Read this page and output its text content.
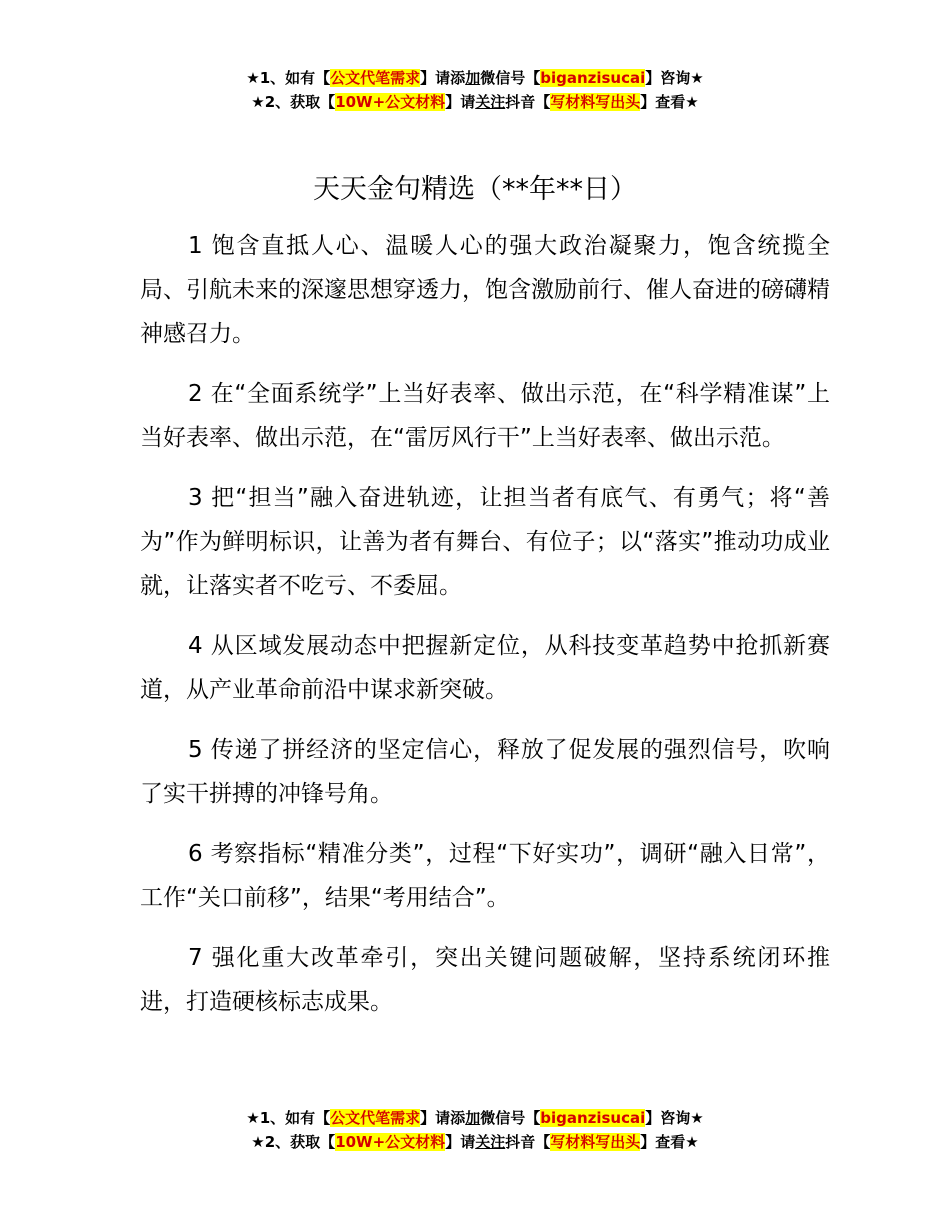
★1、如有【公文代笔需求】请添加微信号【biganzisucai】咨询★
★2、获取【10W+公文材料】请关注抖音【写材料写出头】查看★
天天金句精选（**年**日）

1 饱含直抵人心、温暖人心的强大政治凝聚力，饱含统揽全局、引航未来的深邃思想穿透力，饱含激励前行、催人奋进的磅礴精神感召力。

2 在“全面系统学”上当好表率、做出示范，在“科学精准谋”上当好表率、做出示范，在“雷厉风行干”上当好表率、做出示范。

3 把“担当”融入奋进轨迹，让担当者有底气、有勇气；将“善为”作为鲜明标识，让善为者有舞台、有位子；以“落实”推动功成业就，让落实者不吃亏、不委屈。

4 从区域发展动态中把握新定位，从科技变革趋势中抢抓新赛道，从产业革命前沿中谋求新突破。

5 传递了拼经济的坚定信心，释放了促发展的强烈信号，吹响了实干拼搏的冲锋号角。

6 考察指标“精准分类”，过程“下好实功”，调研“融入日常”，工作“关口前移”，结果“考用结合”。

7 强化重大改革牵引，突出关键问题破解，坚持系统闭环推进，打造硬核标志成果。

★1、如有【公文代笔需求】请添加微信号【biganzisucai】咨询★
★2、获取【10W+公文材料】请关注抖音【写材料写出头】查看★
